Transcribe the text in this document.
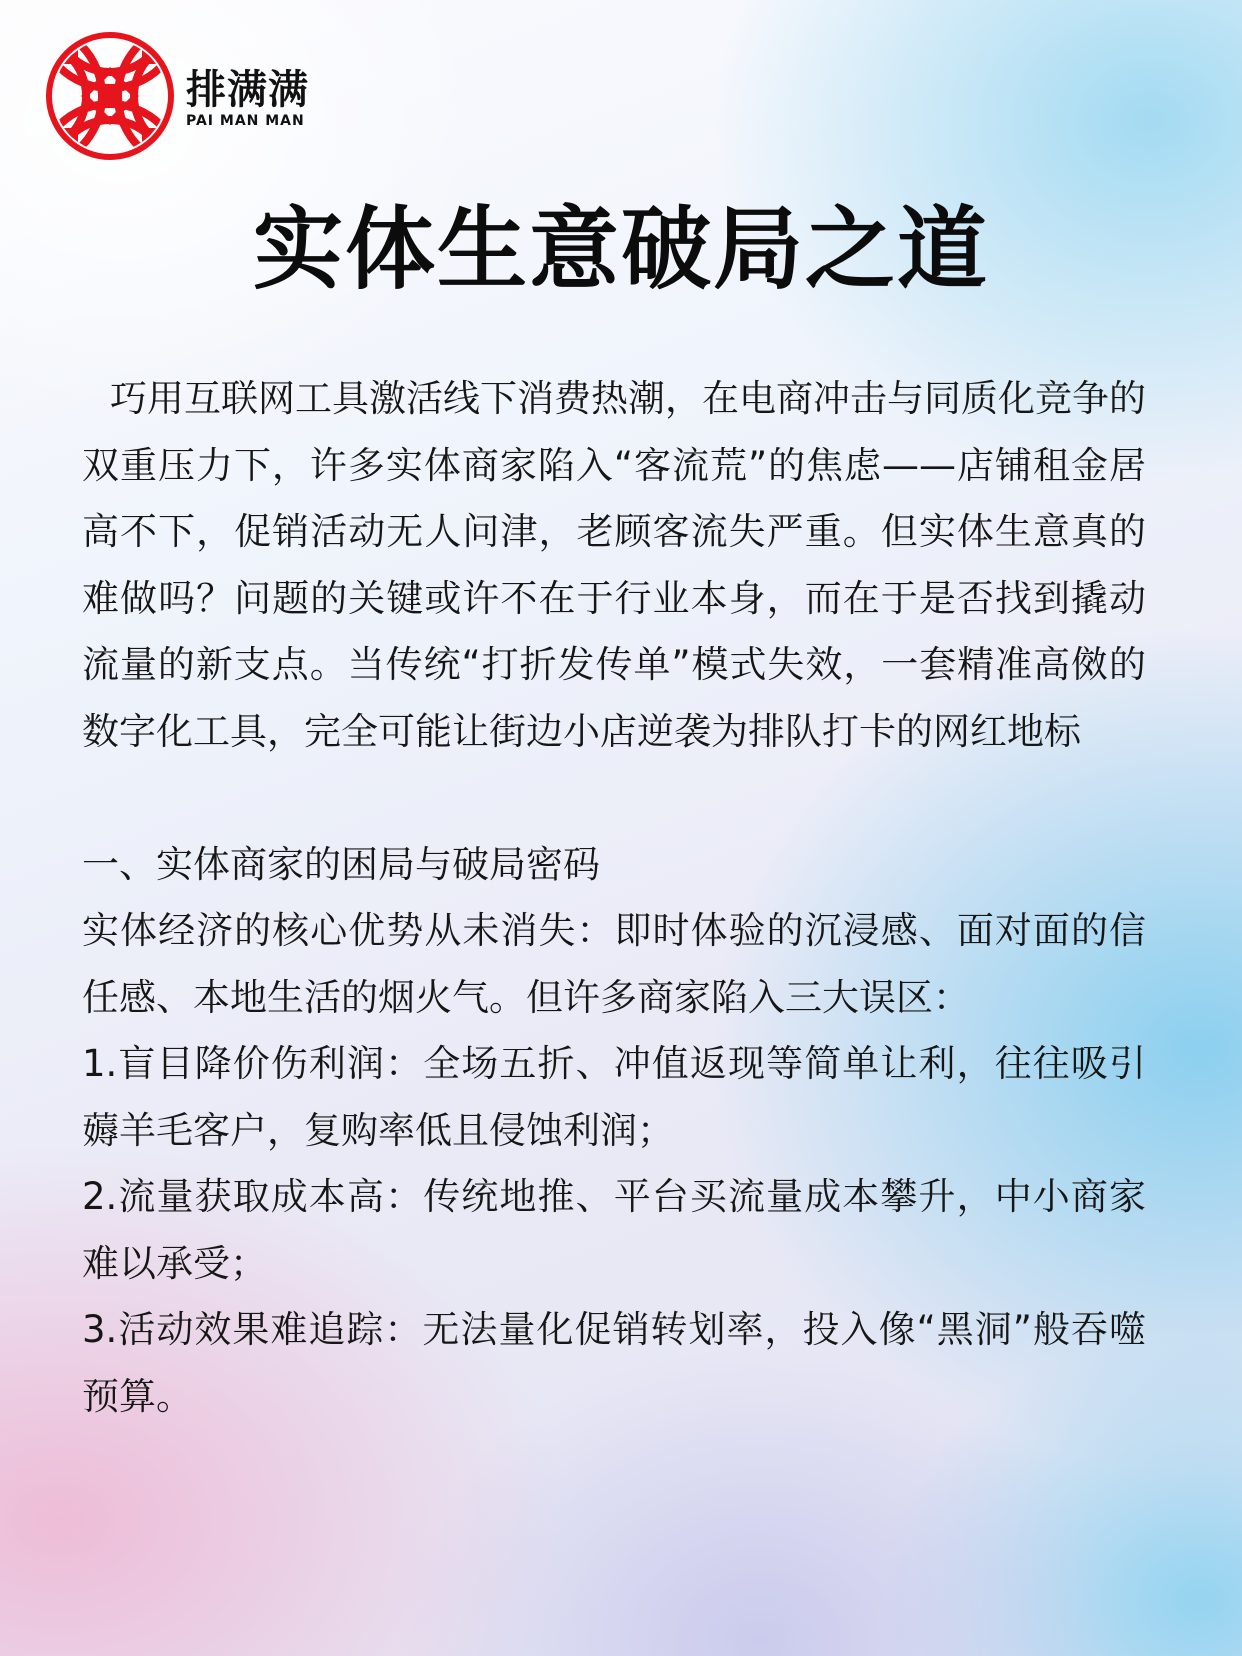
排满满
PAI MAN MAN
实体生意破局之道

巧用互联网工具激活线下消费热潮，在电商冲击与同质化竞争的双重压力下，许多实体商家陷入“客流荒”的焦虑——店铺租金居高不下，促销活动无人问津，老顾客流失严重。但实体生意真的难做吗？问题的关键或许不在于行业本身，而在于是否找到撬动流量的新支点。当传统“打折发传单”模式失效，一套精准高傚的数字化工具，完全可能让街边小店逆袭为排队打卡的网红地标

一、实体商家的困局与破局密码

实体经济的核心优势从未消失：即时体验的沉浸感、面对面的信任感、本地生活的烟火气。但许多商家陷入三大误区：

1.盲目降价伤利润：全场五折、冲值返现等简单让利，往往吸引薅羊毛客户，复购率低且侵蚀利润；

2.流量获取成本高：传统地推、平台买流量成本攀升，中小商家难以承受；

3.活动效果难追踪：无法量化促销转划率，投入像“黑洞”般吞噬预算。
